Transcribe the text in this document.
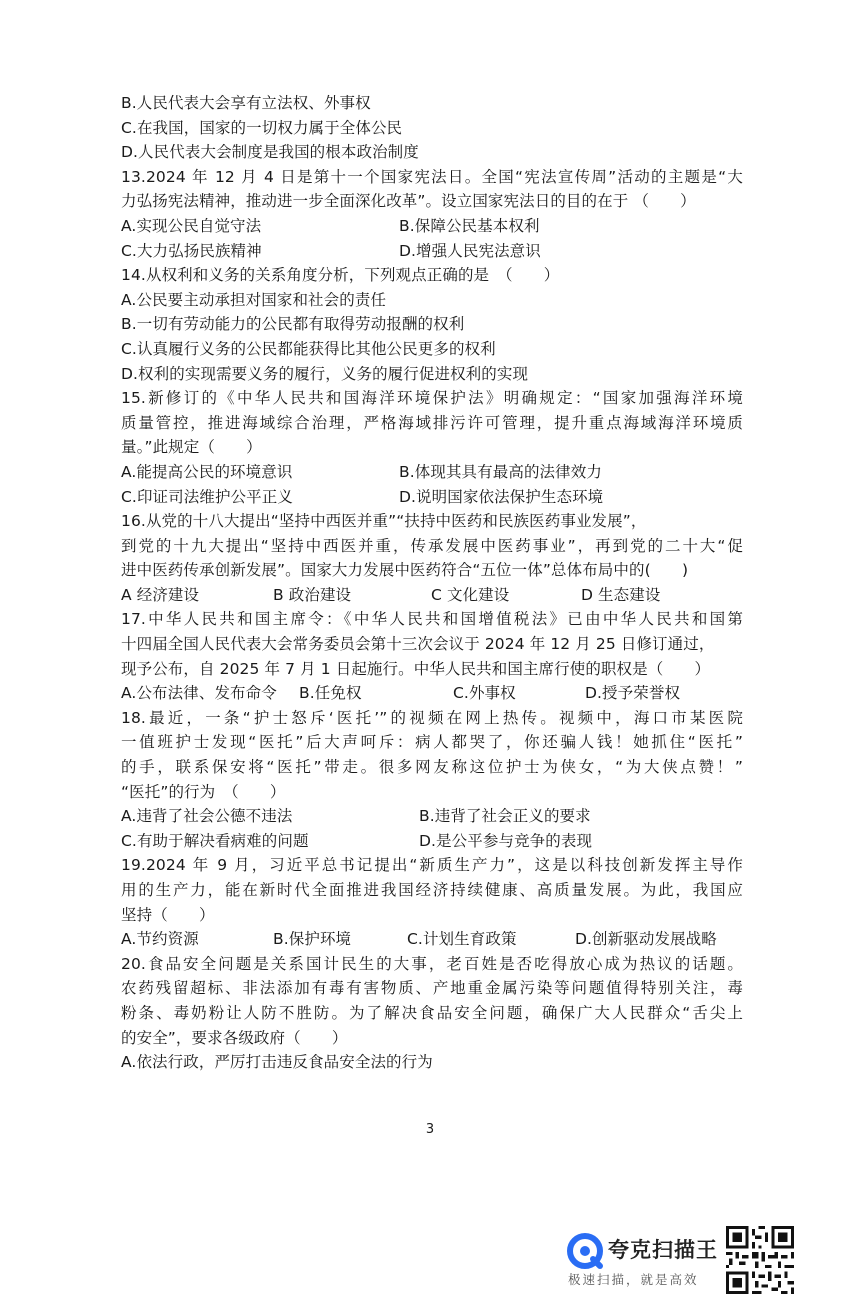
B.人民代表大会享有立法权、外事权
C.在我国，国家的一切权力属于全体公民
D.人民代表大会制度是我国的根本政治制度
13.2024 年 12 月 4 日是第十一个国家宪法日。全国“宪法宣传周”活动的主题是“大
力弘扬宪法精神，推动进一步全面深化改革”。设立国家宪法日的目的在于 （　　）
A.实现公民自觉守法	B.保障公民基本权利
C.大力弘扬民族精神	D.增强人民宪法意识
14.从权利和义务的关系角度分析，下列观点正确的是　（　　）
A.公民要主动承担对国家和社会的责任
B.一切有劳动能力的公民都有取得劳动报酬的权利
C.认真履行义务的公民都能获得比其他公民更多的权利
D.权利的实现需要义务的履行，义务的履行促进权利的实现
15.新修订的《中华人民共和国海洋环境保护法》明确规定：“国家加强海洋环境
质量管控，推进海域综合治理，严格海域排污许可管理，提升重点海域海洋环境质
量。”此规定（　　）
A.能提高公民的环境意识	B.体现其具有最高的法律效力
C.印证司法维护公平正义	D.说明国家依法保护生态环境
16.从党的十八大提出“坚持中西医并重”“扶持中医药和民族医药事业发展”，
到党的十九大提出“坚持中西医并重，传承发展中医药事业”，再到党的二十大“促
进中医药传承创新发展”。国家大力发展中医药符合“五位一体”总体布局中的(　　)
A 经济建设	B 政治建设	C 文化建设	D 生态建设
17.中华人民共和国主席令：《中华人民共和国增值税法》已由中华人民共和国第
十四届全国人民代表大会常务委员会第十三次会议于 2024 年 12 月 25 日修订通过，
现予公布，自 2025 年 7 月 1 日起施行。中华人民共和国主席行使的职权是（　　）
A.公布法律、发布命令	B.任免权	C.外事权	D.授予荣誉权
18.最近，一条“护士怒斥‘医托’”的视频在网上热传。视频中，海口市某医院
一值班护士发现“医托”后大声呵斥：病人都哭了，你还骗人钱！她抓住“医托”
的手，联系保安将“医托”带走。很多网友称这位护士为侠女，“为大侠点赞！”
“医托”的行为　（　　）
A.违背了社会公德不违法	B.违背了社会正义的要求
C.有助于解决看病难的问题	D.是公平参与竞争的表现
19.2024 年 9 月，习近平总书记提出“新质生产力”，这是以科技创新发挥主导作
用的生产力，能在新时代全面推进我国经济持续健康、高质量发展。为此，我国应
坚持（　　）
A.节约资源	B.保护环境	C.计划生育政策	D.创新驱动发展战略
20.食品安全问题是关系国计民生的大事，老百姓是否吃得放心成为热议的话题。
农药残留超标、非法添加有毒有害物质、产地重金属污染等问题值得特别关注，毒
粉条、毒奶粉让人防不胜防。为了解决食品安全问题，确保广大人民群众“舌尖上
的安全”，要求各级政府（　　）
A.依法行政，严厉打击违反食品安全法的行为
3
夸克扫描王
极速扫描，就是高效
